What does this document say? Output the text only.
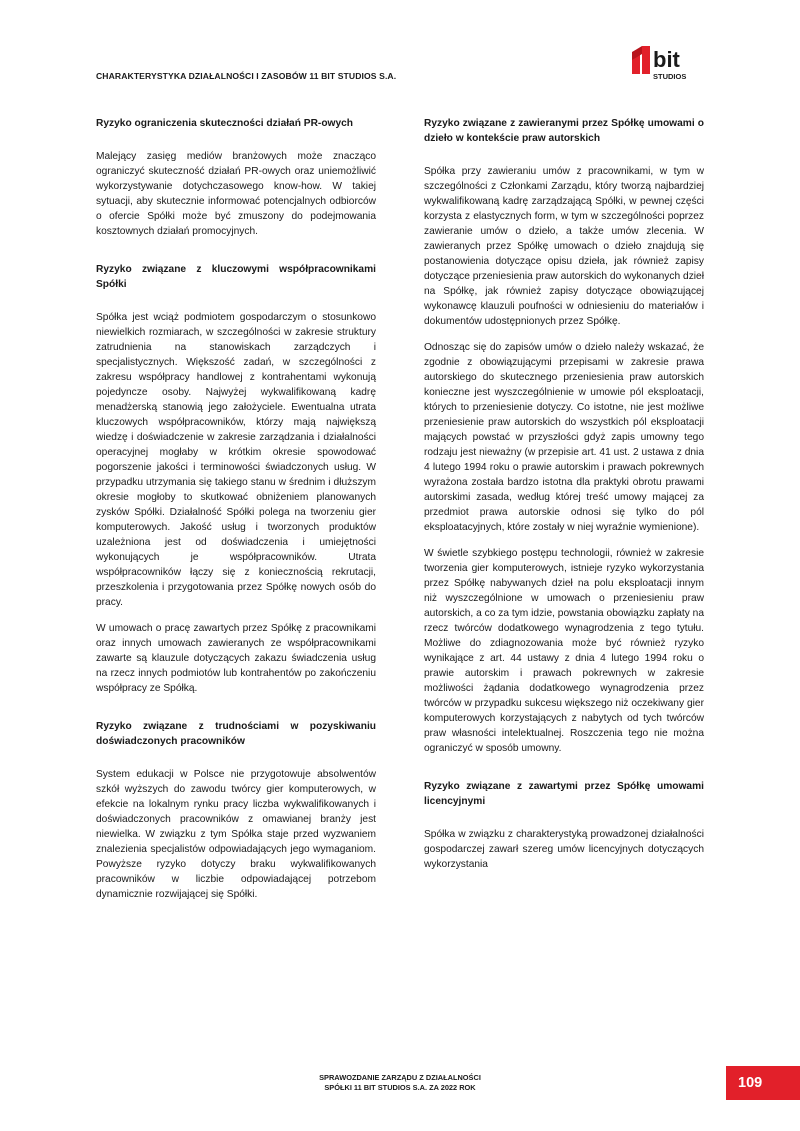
CHARAKTERYSTYKA DZIAŁALNOŚCI I ZASOBÓW 11 BIT STUDIOS S.A.
bit
STUDIOS
Ryzyko ograniczenia skuteczności działań PR-owych

Malejący zasięg mediów branżowych może znacząco ograniczyć skuteczność działań PR-owych oraz uniemożliwić wykorzystywanie dotychczasowego know-how. W takiej sytuacji, aby skutecznie informować potencjalnych odbiorców o ofercie Spółki może być zmuszony do podejmowania kosztownych działań promocyjnych.

Ryzyko związane z kluczowymi współpracownikami Spółki

Spółka jest wciąż podmiotem gospodarczym o stosunkowo niewielkich rozmiarach, w szczególności w zakresie struktury zatrudnienia na stanowiskach zarządczych i specjalistycznych. Większość zadań, w szczególności z zakresu współpracy handlowej z kontrahentami wykonują pojedyncze osoby. Najwyżej wykwalifikowaną kadrę menadżerską stanowią jego założyciele. Ewentualna utrata kluczowych współpracowników, którzy mają największą wiedzę i doświadczenie w zakresie zarządzania i działalności operacyjnej mogłaby w krótkim okresie spowodować pogorszenie jakości i terminowości świadczonych usług. W przypadku utrzymania się takiego stanu w średnim i dłuższym okresie mogłoby to skutkować obniżeniem planowanych zysków Spółki. Działalność Spółki polega na tworzeniu gier komputerowych. Jakość usług i tworzonych produktów uzależniona jest od doświadczenia i umiejętności wykonujących je współpracowników. Utrata współpracowników łączy się z koniecznością rekrutacji, przeszkolenia i przygotowania przez Spółkę nowych osób do pracy.

W umowach o pracę zawartych przez Spółkę z pracownikami oraz innych umowach zawieranych ze współpracownikami zawarte są klauzule dotyczących zakazu świadczenia usług na rzecz innych podmiotów lub kontrahentów po zakończeniu współpracy ze Spółką.

Ryzyko związane z trudnościami w pozyskiwaniu doświadczonych pracowników

System edukacji w Polsce nie przygotowuje absolwentów szkół wyższych do zawodu twórcy gier komputerowych, w efekcie na lokalnym rynku pracy liczba wykwalifikowanych i doświadczonych pracowników z omawianej branży jest niewielka. W związku z tym Spółka staje przed wyzwaniem znalezienia specjalistów odpowiadających jego wymaganiom. Powyższe ryzyko dotyczy braku wykwalifikowanych pracowników w liczbie odpowiadającej potrzebom dynamicznie rozwijającej się Spółki.

Ryzyko związane z zawieranymi przez Spółkę umowami o dzieło w kontekście praw autorskich

Spółka przy zawieraniu umów z pracownikami, w tym w szczególności z Członkami Zarządu, który tworzą najbardziej wykwalifikowaną kadrę zarządzającą Spółki, w pewnej części korzysta z elastycznych form, w tym w szczególności poprzez zawieranie umów o dzieło, a także umów zlecenia. W zawieranych przez Spółkę umowach o dzieło znajdują się postanowienia dotyczące opisu dzieła, jak również zapisy dotyczące przeniesienia praw autorskich do wykonanych dzieł na Spółkę, jak również zapisy dotyczące obowiązującej wykonawcę klauzuli poufności w odniesieniu do materiałów i dokumentów udostępnionych przez Spółkę.

Odnosząc się do zapisów umów o dzieło należy wskazać, że zgodnie z obowiązującymi przepisami w zakresie prawa autorskiego do skutecznego przeniesienia praw autorskich konieczne jest wyszczególnienie w umowie pól eksploatacji, których to przeniesienie dotyczy. Co istotne, nie jest możliwe przeniesienie praw autorskich do wszystkich pól eksploatacji mających powstać w przyszłości gdyż zapis umowny tego rodzaju jest nieważny (w przepisie art. 41 ust. 2 ustawa z dnia 4 lutego 1994 roku o prawie autorskim i prawach pokrewnych wyrażona została bardzo istotna dla praktyki obrotu prawami autorskimi zasada, według której treść umowy mającej za przedmiot prawa autorskie odnosi się tylko do pól eksploatacyjnych, które zostały w niej wyraźnie wymienione).

W świetle szybkiego postępu technologii, również w zakresie tworzenia gier komputerowych, istnieje ryzyko wykorzystania przez Spółkę nabywanych dzieł na polu eksploatacji innym niż wyszczególnione w umowach o przeniesieniu praw autorskich, a co za tym idzie, powstania obowiązku zapłaty na rzecz twórców dodatkowego wynagrodzenia z tego tytułu. Możliwe do zdiagnozowania może być również ryzyko wynikające z art. 44 ustawy z dnia 4 lutego 1994 roku o prawie autorskim i prawach pokrewnych w zakresie możliwości żądania dodatkowego wynagrodzenia przez twórców w przypadku sukcesu większego niż oczekiwany gier komputerowych korzystających z nabytych od tych twórców praw własności intelektualnej. Roszczenia tego nie można ograniczyć w sposób umowny.

Ryzyko związane z zawartymi przez Spółkę umowami licencyjnymi

Spółka w związku z charakterystyką prowadzonej działalności gospodarczej zawarł szereg umów licencyjnych dotyczących wykorzystania

SPRAWOZDANIE ZARZĄDU Z DZIAŁALNOŚCI
SPÓŁKI 11 BIT STUDIOS S.A. ZA 2022 ROK	109
